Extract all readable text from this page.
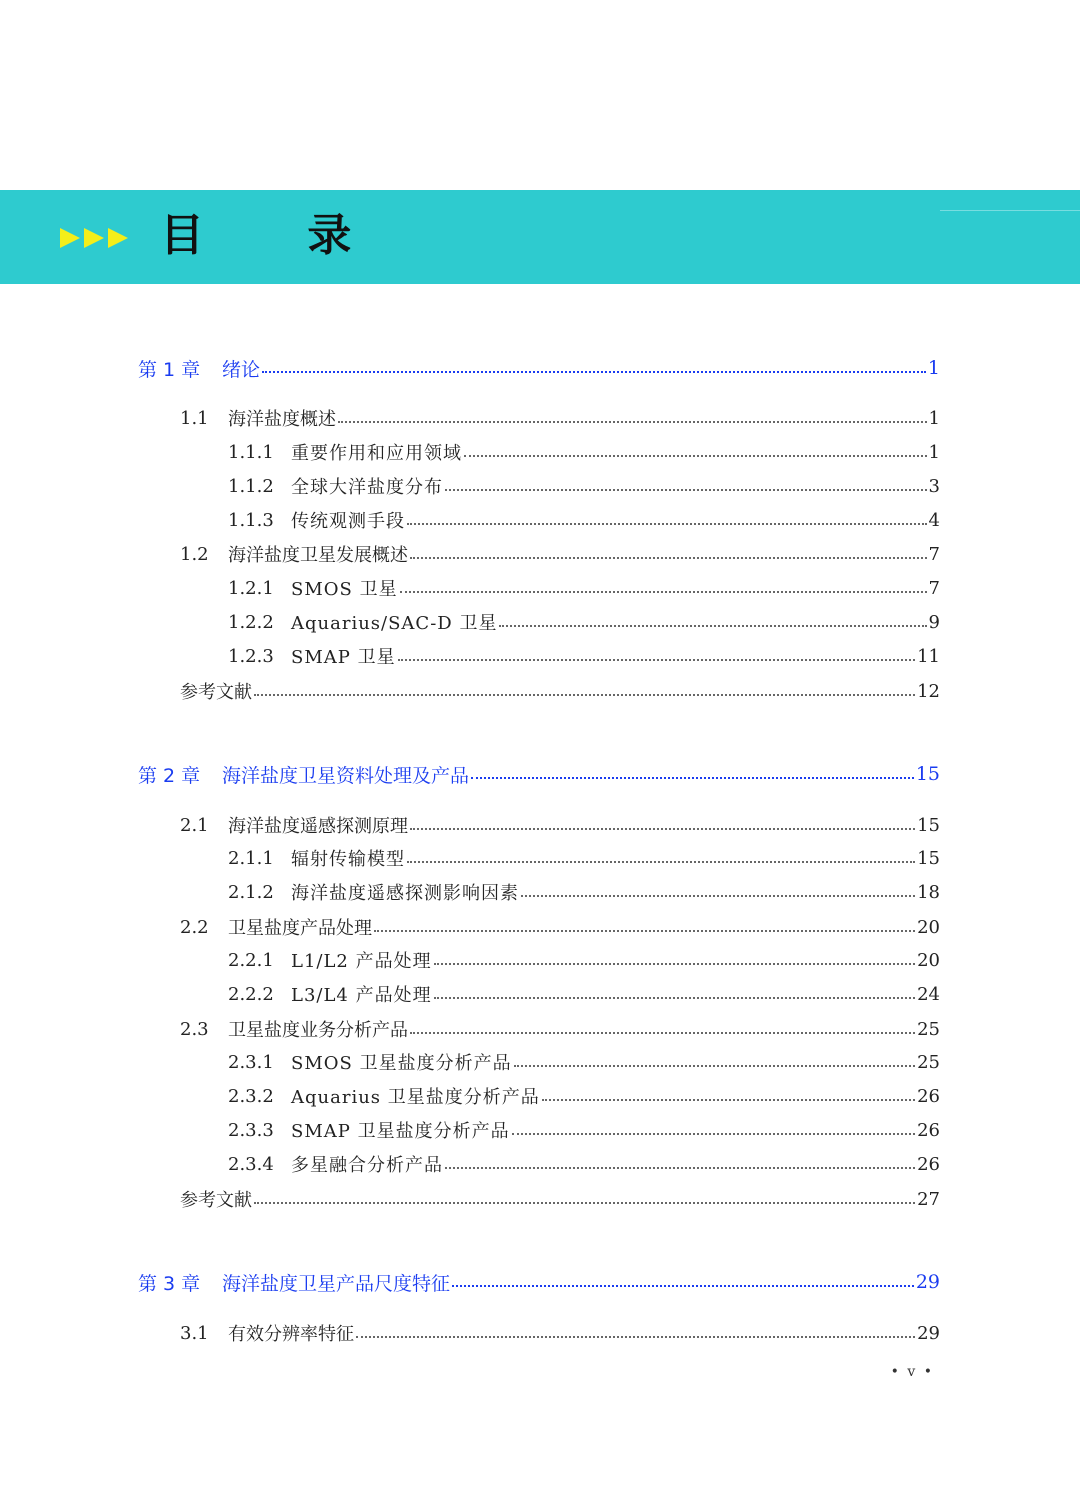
目 录
第 1 章	绪论	1
1.1	海洋盐度概述	1
1.1.1 重要作用和应用领域	1
1.1.2 全球大洋盐度分布	3
1.1.3 传统观测手段	4
1.2	海洋盐度卫星发展概述	7
1.2.1 SMOS 卫星	7
1.2.2 Aquarius/SAC-D 卫星	9
1.2.3 SMAP 卫星	11
参考文献	12
第 2 章	海洋盐度卫星资料处理及产品	15
2.1	海洋盐度遥感探测原理	15
2.1.1 辐射传输模型	15
2.1.2 海洋盐度遥感探测影响因素	18
2.2	卫星盐度产品处理	20
2.2.1 L1/L2 产品处理	20
2.2.2 L3/L4 产品处理	24
2.3	卫星盐度业务分析产品	25
2.3.1 SMOS 卫星盐度分析产品	25
2.3.2 Aquarius 卫星盐度分析产品	26
2.3.3 SMAP 卫星盐度分析产品	26
2.3.4 多星融合分析产品	26
参考文献	27
第 3 章	海洋盐度卫星产品尺度特征	29
3.1	有效分辨率特征	29
• v •
